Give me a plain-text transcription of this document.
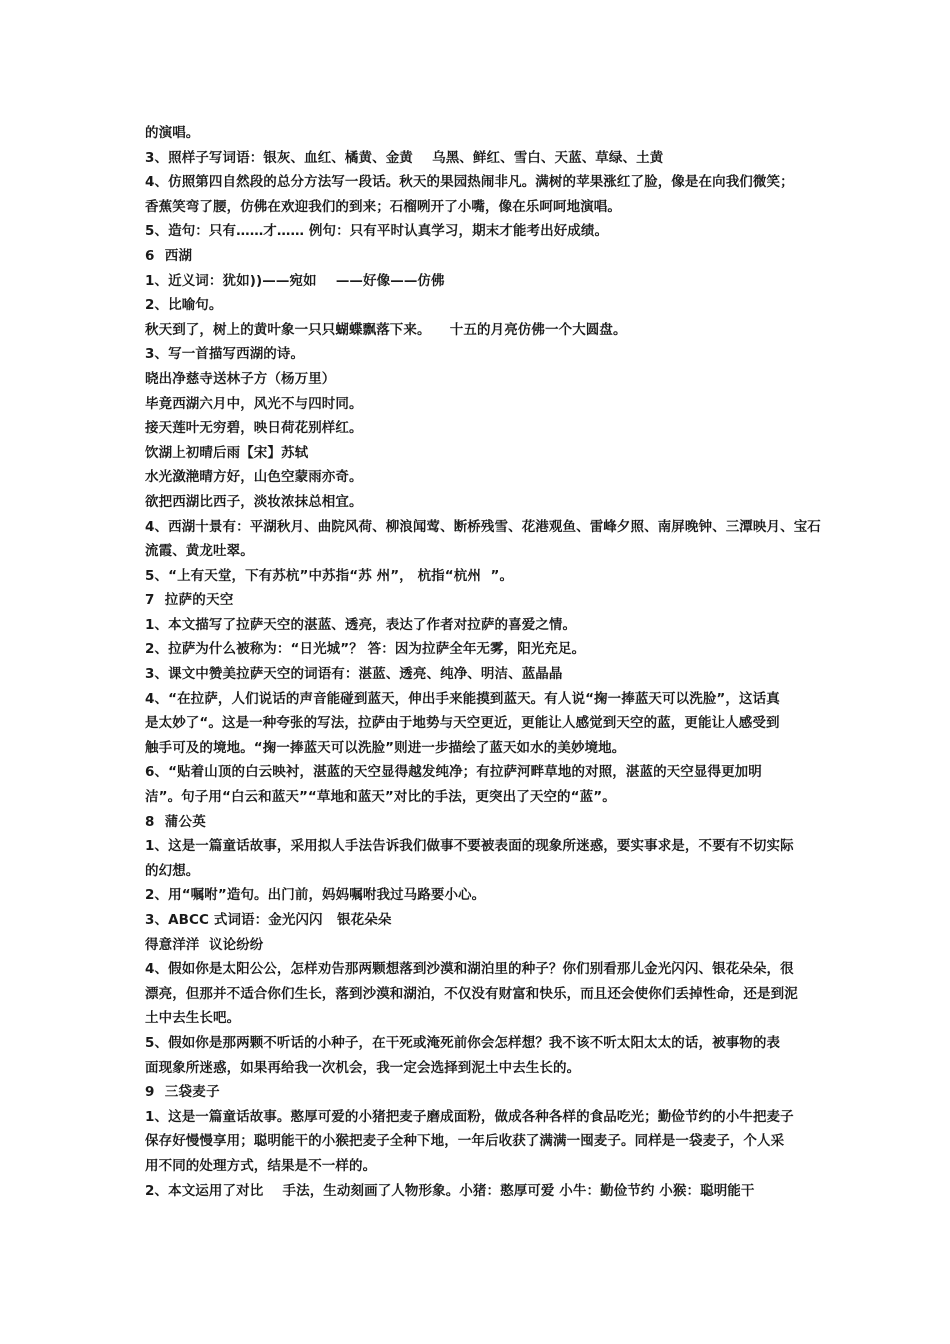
的演唱。
3、照样子写词语：银灰、血红、橘黄、金黄    乌黑、鲜红、雪白、天蓝、草绿、土黄
4、仿照第四自然段的总分方法写一段话。秋天的果园热闹非凡。满树的苹果涨红了脸，像是在向我们微笑；
香蕉笑弯了腰，仿佛在欢迎我们的到来；石榴咧开了小嘴，像在乐呵呵地演唱。
5、造句：只有……才…… 例句：只有平时认真学习，期末才能考出好成绩。
6  西湖
1、近义词：犹如))——宛如    ——好像——仿佛
2、比喻句。
秋天到了，树上的黄叶象一只只蝴蝶飘落下来。    十五的月亮仿佛一个大圆盘。
3、写一首描写西湖的诗。
晓出净慈寺送林子方（杨万里）
毕竟西湖六月中，风光不与四时同。
接天莲叶无穷碧，映日荷花别样红。
饮湖上初晴后雨【宋】苏轼
水光潋滟晴方好，山色空蒙雨亦奇。
欲把西湖比西子，淡妆浓抹总相宜。
4、西湖十景有：平湖秋月、曲院风荷、柳浪闻莺、断桥残雪、花港观鱼、雷峰夕照、南屏晚钟、三潭映月、宝石
流霞、黄龙吐翠。
5、“上有天堂，下有苏杭”中苏指“苏 州”， 杭指“杭州  ”。
7  拉萨的天空
1、本文描写了拉萨天空的湛蓝、透亮，表达了作者对拉萨的喜爱之情。
2、拉萨为什么被称为：“日光城”？ 答：因为拉萨全年无雾，阳光充足。
3、课文中赞美拉萨天空的词语有：湛蓝、透亮、纯净、明洁、蓝晶晶
4、“在拉萨，人们说话的声音能碰到蓝天，伸出手来能摸到蓝天。有人说“掬一捧蓝天可以洗脸”，这话真
是太妙了“。这是一种夸张的写法，拉萨由于地势与天空更近，更能让人感觉到天空的蓝，更能让人感受到
触手可及的境地。“掬一捧蓝天可以洗脸”则进一步描绘了蓝天如水的美妙境地。
6、“贴着山顶的白云映衬，湛蓝的天空显得越发纯净；有拉萨河畔草地的对照，湛蓝的天空显得更加明
洁”。句子用“白云和蓝天”“草地和蓝天”对比的手法，更突出了天空的“蓝”。
8  蒲公英
1、这是一篇童话故事，采用拟人手法告诉我们做事不要被表面的现象所迷惑，要实事求是，不要有不切实际
的幻想。
2、用“嘱咐”造句。出门前，妈妈嘱咐我过马路要小心。
3、ABCC 式词语：金光闪闪   银花朵朵
得意洋洋  议论纷纷
4、假如你是太阳公公，怎样劝告那两颗想落到沙漠和湖泊里的种子？你们别看那儿金光闪闪、银花朵朵，很
漂亮，但那并不适合你们生长，落到沙漠和湖泊，不仅没有财富和快乐，而且还会使你们丢掉性命，还是到泥
土中去生长吧。
5、假如你是那两颗不听话的小种子，在干死或淹死前你会怎样想？我不该不听太阳太太的话，被事物的表
面现象所迷惑，如果再给我一次机会，我一定会选择到泥土中去生长的。
9  三袋麦子
1、这是一篇童话故事。憨厚可爱的小猪把麦子磨成面粉，做成各种各样的食品吃光；勤俭节约的小牛把麦子
保存好慢慢享用；聪明能干的小猴把麦子全种下地，一年后收获了满满一囤麦子。同样是一袋麦子，个人采
用不同的处理方式，结果是不一样的。
2、本文运用了对比    手法，生动刻画了人物形象。小猪：憨厚可爱 小牛：勤俭节约 小猴：聪明能干
